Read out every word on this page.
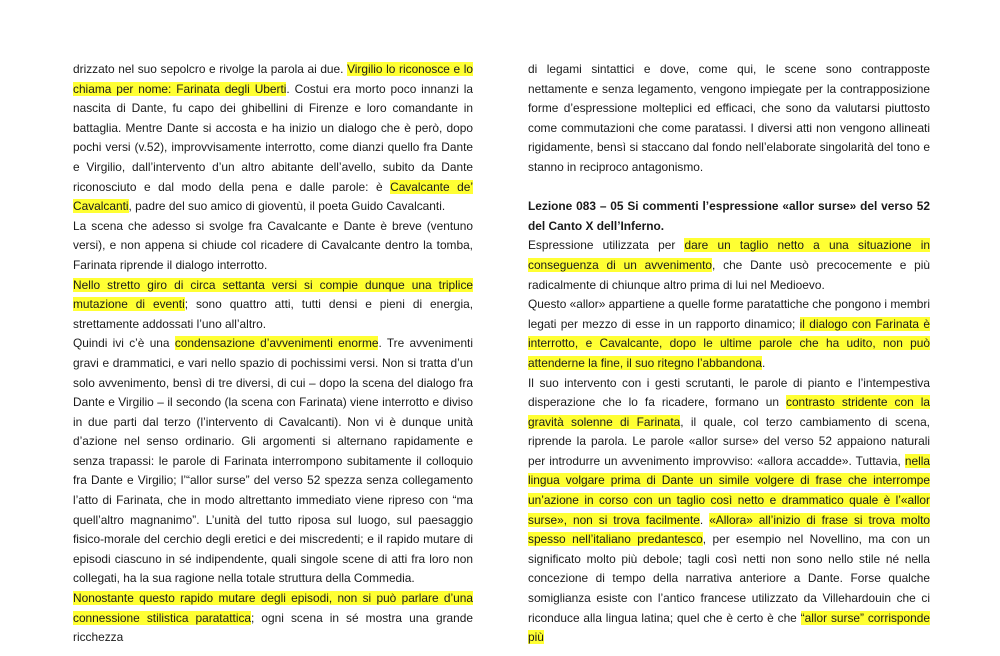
drizzato nel suo sepolcro e rivolge la parola ai due. Virgilio lo riconosce e lo chiama per nome: Farinata degli Uberti. Costui era morto poco innanzi la nascita di Dante, fu capo dei ghibellini di Firenze e loro comandante in battaglia. Mentre Dante si accosta e ha inizio un dialogo che è però, dopo pochi versi (v.52), improvvisamente interrotto, come dianzi quello fra Dante e Virgilio, dall’intervento d’un altro abitante dell’avello, subito da Dante riconosciuto e dal modo della pena e dalle parole: è Cavalcante de’ Cavalcanti, padre del suo amico di gioventù, il poeta Guido Cavalcanti.

La scena che adesso si svolge fra Cavalcante e Dante è breve (ventuno versi), e non appena si chiude col ricadere di Cavalcante dentro la tomba, Farinata riprende il dialogo interrotto.

Nello stretto giro di circa settanta versi si compie dunque una triplice mutazione di eventi; sono quattro atti, tutti densi e pieni di energia, strettamente addossati l’uno all’altro.

Quindi ivi c’è una condensazione d’avvenimenti enorme. Tre avvenimenti gravi e drammatici, e vari nello spazio di pochissimi versi. Non si tratta d’un solo avvenimento, bensì di tre diversi, di cui – dopo la scena del dialogo fra Dante e Virgilio – il secondo (la scena con Farinata) viene interrotto e diviso in due parti dal terzo (l’intervento di Cavalcanti). Non vi è dunque unità d’azione nel senso ordinario. Gli argomenti si alternano rapidamente e senza trapassi: le parole di Farinata interrompono subitamente il colloquio fra Dante e Virgilio; l’“allor surse” del verso 52 spezza senza collegamento l’atto di Farinata, che in modo altrettanto immediato viene ripreso con “ma quell’altro magnanimo”. L’unità del tutto riposa sul luogo, sul paesaggio fisico-morale del cerchio degli eretici e dei miscredenti; e il rapido mutare di episodi ciascuno in sé indipendente, quali singole scene di atti fra loro non collegati, ha la sua ragione nella totale struttura della Commedia.

Nonostante questo rapido mutare degli episodi, non si può parlare d’una connessione stilistica paratattica; ogni scena in sé mostra una grande ricchezza

di legami sintattici e dove, come qui, le scene sono contrapposte nettamente e senza legamento, vengono impiegate per la contrapposizione forme d’espressione molteplici ed efficaci, che sono da valutarsi piuttosto come commutazioni che come paratassi. I diversi atti non vengono allineati rigidamente, bensì si staccano dal fondo nell’elaborate singolarità del tono e stanno in reciproco antagonismo.

Lezione 083 – 05 Si commenti l’espressione «allor surse» del verso 52 del Canto X dell’Inferno.

Espressione utilizzata per dare un taglio netto a una situazione in conseguenza di un avvenimento, che Dante usò precocemente e più radicalmente di chiunque altro prima di lui nel Medioevo.

Questo «allor» appartiene a quelle forme paratattiche che pongono i membri legati per mezzo di esse in un rapporto dinamico; il dialogo con Farinata è interrotto, e Cavalcante, dopo le ultime parole che ha udito, non può attenderne la fine, il suo ritegno l’abbandona.

Il suo intervento con i gesti scrutanti, le parole di pianto e l’intempestiva disperazione che lo fa ricadere, formano un contrasto stridente con la gravità solenne di Farinata, il quale, col terzo cambiamento di scena, riprende la parola. Le parole «allor surse» del verso 52 appaiono naturali per introdurre un avvenimento improvviso: «allora accadde». Tuttavia, nella lingua volgare prima di Dante un simile volgere di frase che interrompe un’azione in corso con un taglio così netto e drammatico quale è l’«allor surse», non si trova facilmente. «Allora» all’inizio di frase si trova molto spesso nell’italiano predantesco, per esempio nel Novellino, ma con un significato molto più debole; tagli così netti non sono nello stile né nella concezione di tempo della narrativa anteriore a Dante. Forse qualche somiglianza esiste con l’antico francese utilizzato da Villehardouin che ci riconduce alla lingua latina; quel che è certo è che “allor surse” corrisponde più
